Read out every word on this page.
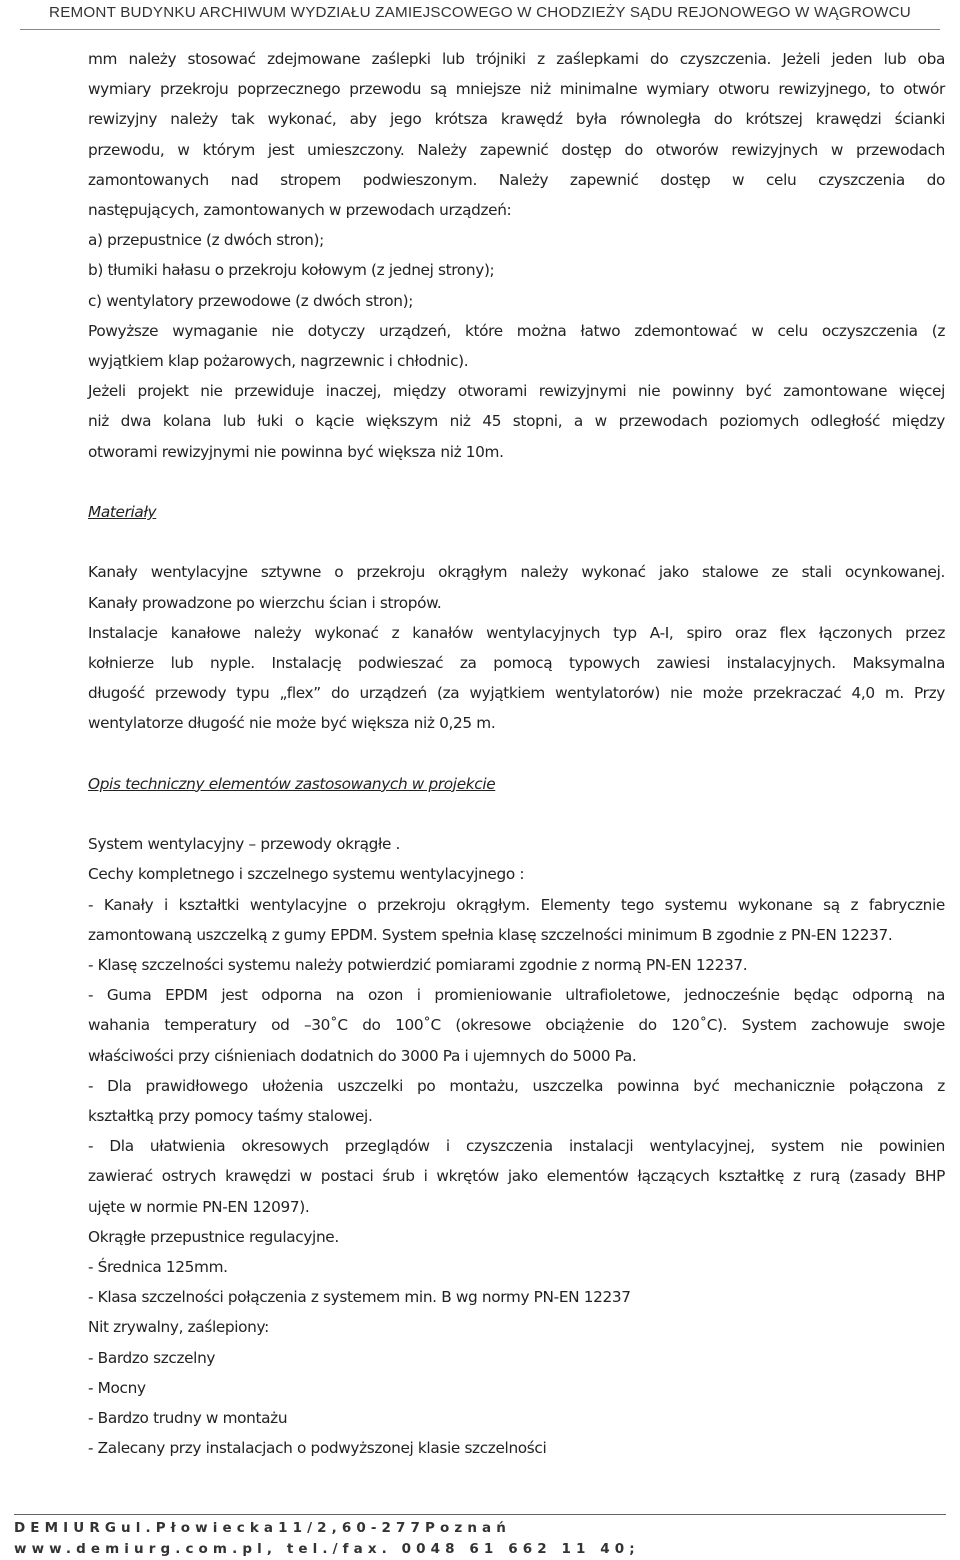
REMONT BUDYNKU ARCHIWUM WYDZIAŁU ZAMIEJSCOWEGO W CHODZIEŻY SĄDU REJONOWEGO W WĄGROWCU

mm należy stosować zdejmowane zaślepki lub trójniki z zaślepkami do czyszczenia. Jeżeli jeden lub oba

wymiary przekroju poprzecznego przewodu są mniejsze niż minimalne wymiary otworu rewizyjnego, to otwór

rewizyjny należy tak wykonać, aby jego krótsza krawędź była równoległa do krótszej krawędzi ścianki

przewodu, w którym jest umieszczony. Należy zapewnić dostęp do otworów rewizyjnych w przewodach

zamontowanych nad stropem podwieszonym. Należy zapewnić dostęp w celu czyszczenia do

następujących, zamontowanych w przewodach urządzeń:

a) przepustnice (z dwóch stron);

b) tłumiki hałasu o przekroju kołowym (z jednej strony);

c) wentylatory przewodowe (z dwóch stron);

Powyższe wymaganie nie dotyczy urządzeń, które można łatwo zdemontować w celu oczyszczenia (z

wyjątkiem klap pożarowych, nagrzewnic i chłodnic).

Jeżeli projekt nie przewiduje inaczej, między otworami rewizyjnymi nie powinny być zamontowane więcej

niż dwa kolana lub łuki o kącie większym niż 45 stopni, a w przewodach poziomych odległość między

otworami rewizyjnymi nie powinna być większa niż 10m.

Materiały

Kanały wentylacyjne sztywne o przekroju okrągłym należy wykonać jako stalowe ze stali ocynkowanej.

Kanały prowadzone po wierzchu ścian i stropów.

Instalacje kanałowe należy wykonać z kanałów wentylacyjnych typ A-I, spiro oraz flex łączonych przez

kołnierze lub nyple. Instalację podwieszać za pomocą typowych zawiesi instalacyjnych. Maksymalna

długość przewody typu „flex” do urządzeń (za wyjątkiem wentylatorów) nie może przekraczać 4,0 m. Przy

wentylatorze długość nie może być większa niż 0,25 m.

Opis techniczny elementów zastosowanych w projekcie

System wentylacyjny – przewody okrągłe .

Cechy kompletnego i szczelnego systemu wentylacyjnego :

- Kanały i kształtki wentylacyjne o przekroju okrągłym. Elementy tego systemu wykonane są z fabrycznie

zamontowaną uszczelką z gumy EPDM. System spełnia klasę szczelności minimum B zgodnie z PN-EN 12237.

- Klasę szczelności systemu należy potwierdzić pomiarami zgodnie z normą PN-EN 12237.

- Guma EPDM jest odporna na ozon i promieniowanie ultrafioletowe, jednocześnie będąc odporną na

wahania temperatury od –30˚C do 100˚C (okresowe obciążenie do 120˚C). System zachowuje swoje

właściwości przy ciśnieniach dodatnich do 3000 Pa i ujemnych do 5000 Pa.

- Dla prawidłowego ułożenia uszczelki po montażu, uszczelka powinna być mechanicznie połączona z

kształtką przy pomocy taśmy stalowej.

- Dla ułatwienia okresowych przeglądów i czyszczenia instalacji wentylacyjnej, system nie powinien

zawierać ostrych krawędzi w postaci śrub i wkrętów jako elementów łączących kształtkę z rurą (zasady BHP

ujęte w normie PN-EN 12097).

Okrągłe przepustnice regulacyjne.

- Średnica 125mm.

- Klasa szczelności połączenia z systemem min. B wg normy PN-EN 12237

Nit zrywalny, zaślepiony:

- Bardzo szczelny

- Mocny

- Bardzo trudny w montażu

- Zalecany przy instalacjach o podwyższonej klasie szczelności

DEMIURGul.Płowiecka11/2,60-277Poznań
www.demiurg.com.pl, tel./fax. 0048 61 662 11 40;
